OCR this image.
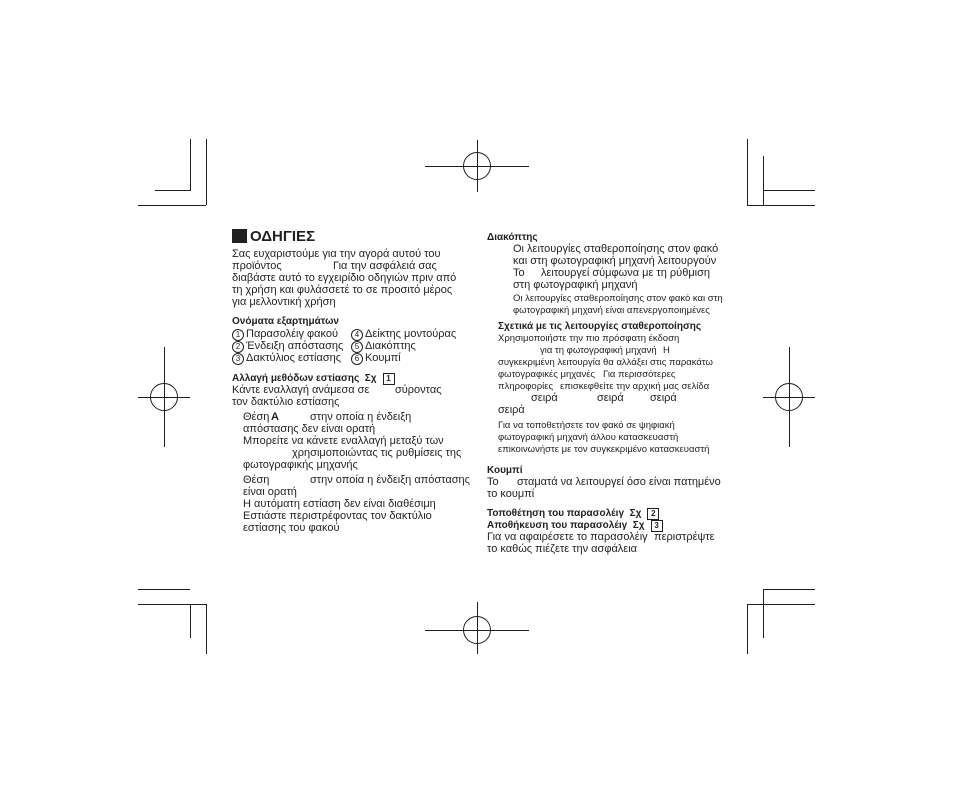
ΟΔΗΓΙΕΣ
Σας ευχαριστούμε για την αγορά αυτού του
προϊόντος	Για την ασφάλειά σας
διαβάστε αυτό το εγχειρίδιο οδηγιών πριν από
τη χρήση και φυλάσσετέ το σε προσιτό μέρος
για μελλοντική χρήση
Ονόματα εξαρτημάτων
1 Παρασολέιγ φακού	4 Δείκτης μοντούρας
2 Ένδειξη απόστασης	5 Διακόπτης
3 Δακτύλιος εστίασης	6 Κουμπί
Αλλαγή μεθόδων εστίασης Σχ 1
Κάντε εναλλαγή ανάμεσα σε σύροντας
τον δακτύλιο εστίασης
Θέση A	στην οποία η ένδειξη
απόστασης δεν είναι ορατή
Μπορείτε να κάνετε εναλλαγή μεταξύ των
χρησιμοποιώντας τις ρυθμίσεις της
φωτογραφικής μηχανής
Θέση	στην οποία η ένδειξη απόστασης
είναι ορατή
Η αυτόματη εστίαση δεν είναι διαθέσιμη
Εστιάστε περιστρέφοντας τον δακτύλιο
εστίασης του φακού
Διακόπτης
Οι λειτουργίες σταθεροποίησης στον φακό
και στη φωτογραφική μηχανή λειτουργούν
Το λειτουργεί σύμφωνα με τη ρύθμιση
στη φωτογραφική μηχανή
Οι λειτουργίες σταθεροποίησης στον φακό και στη
φωτογραφική μηχανή είναι απενεργοποιημένες
Σχετικά με τις λειτουργίες σταθεροποίησης
Χρησιμοποιήστε την πιο πρόσφατη έκδοση
για τη φωτογραφική μηχανή Η
συγκεκριμένη λειτουργία θα αλλάξει στις παρακάτω
φωτογραφικές μηχανές Για περισσότερες
πληροφορίες επισκεφθείτε την αρχική μας σελίδα
σειρά	σειρά σειρά
σειρά
Για να τοποθετήσετε τον φακό σε ψηφιακή
φωτογραφική μηχανή άλλου κατασκευαστή
επικοινωνήστε με τον συγκεκριμένο κατασκευαστή
Κουμπί
Το σταματά να λειτουργεί όσο είναι πατημένο
το κουμπί
Τοποθέτηση του παρασολέιγ Σχ 2
Αποθήκευση του παρασολέιγ Σχ 3
Για να αφαιρέσετε το παρασολέιγ περιστρέψτε
το καθώς πιέζετε την ασφάλεια
